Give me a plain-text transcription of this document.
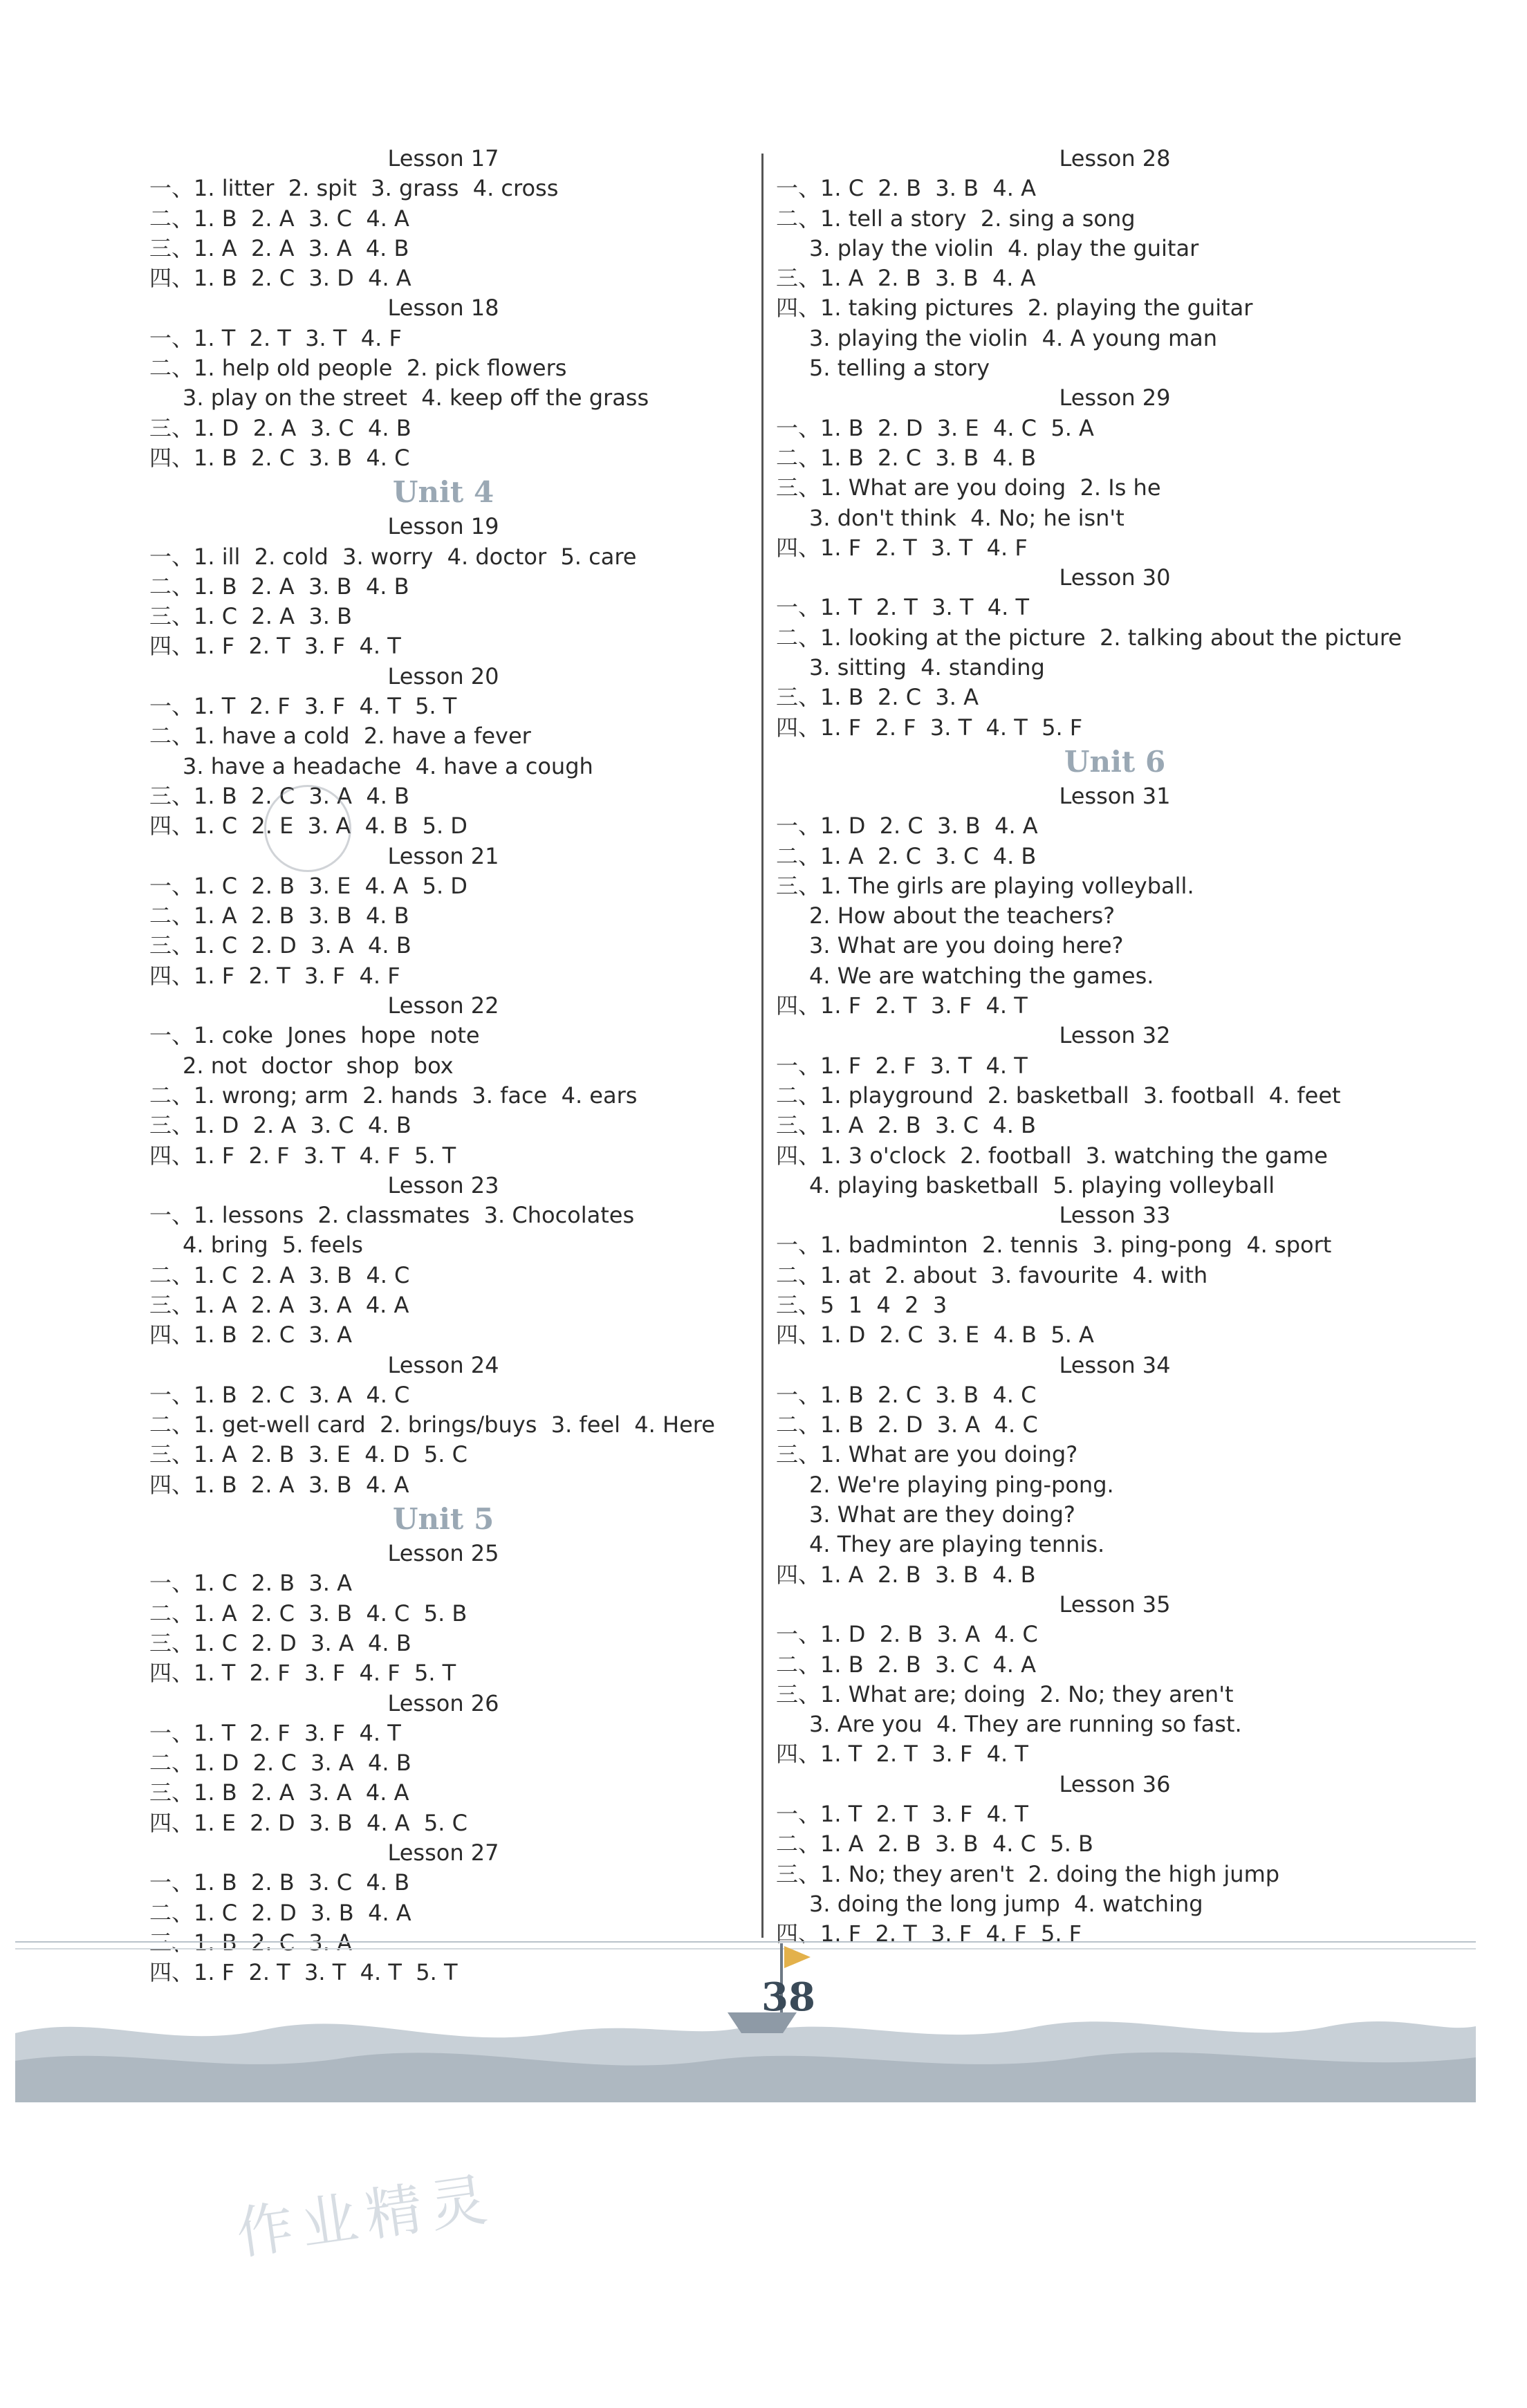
Lesson 17
一、1. litter  2. spit  3. grass  4. cross
二、1. B  2. A  3. C  4. A
三、1. A  2. A  3. A  4. B
四、1. B  2. C  3. D  4. A
Lesson 18
一、1. T  2. T  3. T  4. F
二、1. help old people  2. pick flowers
3. play on the street  4. keep off the grass
三、1. D  2. A  3. C  4. B
四、1. B  2. C  3. B  4. C
Unit 4
Lesson 19
一、1. ill  2. cold  3. worry  4. doctor  5. care
二、1. B  2. A  3. B  4. B
三、1. C  2. A  3. B
四、1. F  2. T  3. F  4. T
Lesson 20
一、1. T  2. F  3. F  4. T  5. T
二、1. have a cold  2. have a fever
3. have a headache  4. have a cough
三、1. B  2. C  3. A  4. B
四、1. C  2. E  3. A  4. B  5. D
Lesson 21
一、1. C  2. B  3. E  4. A  5. D
二、1. A  2. B  3. B  4. B
三、1. C  2. D  3. A  4. B
四、1. F  2. T  3. F  4. F
Lesson 22
一、1. coke  Jones  hope  note
2. not  doctor  shop  box
二、1. wrong; arm  2. hands  3. face  4. ears
三、1. D  2. A  3. C  4. B
四、1. F  2. F  3. T  4. F  5. T
Lesson 23
一、1. lessons  2. classmates  3. Chocolates
4. bring  5. feels
二、1. C  2. A  3. B  4. C
三、1. A  2. A  3. A  4. A
四、1. B  2. C  3. A
Lesson 24
一、1. B  2. C  3. A  4. C
二、1. get-well card  2. brings/buys  3. feel  4. Here
三、1. A  2. B  3. E  4. D  5. C
四、1. B  2. A  3. B  4. A
Unit 5
Lesson 25
一、1. C  2. B  3. A
二、1. A  2. C  3. B  4. C  5. B
三、1. C  2. D  3. A  4. B
四、1. T  2. F  3. F  4. F  5. T
Lesson 26
一、1. T  2. F  3. F  4. T
二、1. D  2. C  3. A  4. B
三、1. B  2. A  3. A  4. A
四、1. E  2. D  3. B  4. A  5. C
Lesson 27
一、1. B  2. B  3. C  4. B
二、1. C  2. D  3. B  4. A
三、1. B  2. C  3. A
四、1. F  2. T  3. T  4. T  5. T
Lesson 28
一、1. C  2. B  3. B  4. A
二、1. tell a story  2. sing a song
3. play the violin  4. play the guitar
三、1. A  2. B  3. B  4. A
四、1. taking pictures  2. playing the guitar
3. playing the violin  4. A young man
5. telling a story
Lesson 29
一、1. B  2. D  3. E  4. C  5. A
二、1. B  2. C  3. B  4. B
三、1. What are you doing  2. Is he
3. don't think  4. No; he isn't
四、1. F  2. T  3. T  4. F
Lesson 30
一、1. T  2. T  3. T  4. T
二、1. looking at the picture  2. talking about the picture
3. sitting  4. standing
三、1. B  2. C  3. A
四、1. F  2. F  3. T  4. T  5. F
Unit 6
Lesson 31
一、1. D  2. C  3. B  4. A
二、1. A  2. C  3. C  4. B
三、1. The girls are playing volleyball.
2. How about the teachers?
3. What are you doing here?
4. We are watching the games.
四、1. F  2. T  3. F  4. T
Lesson 32
一、1. F  2. F  3. T  4. T
二、1. playground  2. basketball  3. football  4. feet
三、1. A  2. B  3. C  4. B
四、1. 3 o'clock  2. football  3. watching the game
4. playing basketball  5. playing volleyball
Lesson 33
一、1. badminton  2. tennis  3. ping-pong  4. sport
二、1. at  2. about  3. favourite  4. with
三、5  1  4  2  3
四、1. D  2. C  3. E  4. B  5. A
Lesson 34
一、1. B  2. C  3. B  4. C
二、1. B  2. D  3. A  4. C
三、1. What are you doing?
2. We're playing ping-pong.
3. What are they doing?
4. They are playing tennis.
四、1. A  2. B  3. B  4. B
Lesson 35
一、1. D  2. B  3. A  4. C
二、1. B  2. B  3. C  4. A
三、1. What are; doing  2. No; they aren't
3. Are you  4. They are running so fast.
四、1. T  2. T  3. F  4. T
Lesson 36
一、1. T  2. T  3. F  4. T
二、1. A  2. B  3. B  4. C  5. B
三、1. No; they aren't  2. doing the high jump
3. doing the long jump  4. watching
四、1. F  2. T  3. F  4. F  5. F
38
作业精灵
